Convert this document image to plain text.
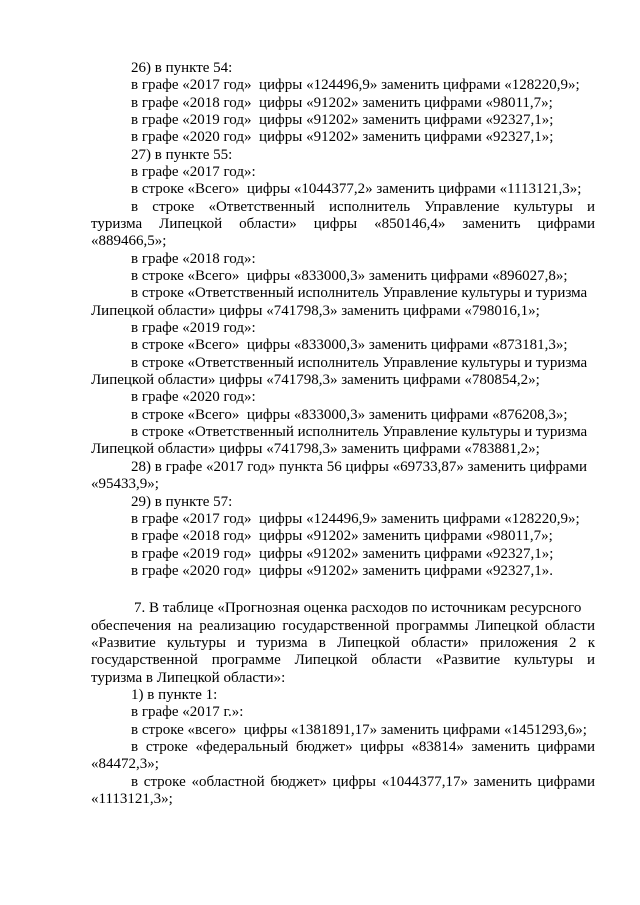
26) в пункте 54:
в графе «2017 год»  цифры «124496,9» заменить цифрами «128220,9»;
в графе «2018 год»  цифры «91202» заменить цифрами «98011,7»;
в графе «2019 год»  цифры «91202» заменить цифрами «92327,1»;
в графе «2020 год»  цифры «91202» заменить цифрами «92327,1»;
27) в пункте 55:
в графе «2017 год»:
в строке «Всего»  цифры «1044377,2» заменить цифрами «1113121,3»;
в строке «Ответственный исполнитель Управление культуры и
туризма Липецкой области» цифры «850146,4» заменить цифрами
«889466,5»;
в графе «2018 год»:
в строке «Всего»  цифры «833000,3» заменить цифрами «896027,8»;
в строке «Ответственный исполнитель Управление культуры и туризма
Липецкой области» цифры «741798,3» заменить цифрами «798016,1»;
в графе «2019 год»:
в строке «Всего»  цифры «833000,3» заменить цифрами «873181,3»;
в строке «Ответственный исполнитель Управление культуры и туризма
Липецкой области» цифры «741798,3» заменить цифрами «780854,2»;
в графе «2020 год»:
в строке «Всего»  цифры «833000,3» заменить цифрами «876208,3»;
в строке «Ответственный исполнитель Управление культуры и туризма
Липецкой области» цифры «741798,3» заменить цифрами «783881,2»;
28) в графе «2017 год» пункта 56 цифры «69733,87» заменить цифрами
«95433,9»;
29) в пункте 57:
в графе «2017 год»  цифры «124496,9» заменить цифрами «128220,9»;
в графе «2018 год»  цифры «91202» заменить цифрами «98011,7»;
в графе «2019 год»  цифры «91202» заменить цифрами «92327,1»;
в графе «2020 год»  цифры «91202» заменить цифрами «92327,1».
7. В таблице «Прогнозная оценка расходов по источникам ресурсного
обеспечения на реализацию государственной программы Липецкой области
«Развитие культуры и туризма в Липецкой области» приложения 2 к
государственной программе Липецкой области «Развитие культуры и
туризма в Липецкой области»:
1) в пункте 1:
в графе «2017 г.»:
в строке «всего»  цифры «1381891,17» заменить цифрами «1451293,6»;
в строке «федеральный бюджет» цифры «83814» заменить цифрами
«84472,3»;
в строке «областной бюджет» цифры «1044377,17» заменить цифрами
«1113121,3»;
